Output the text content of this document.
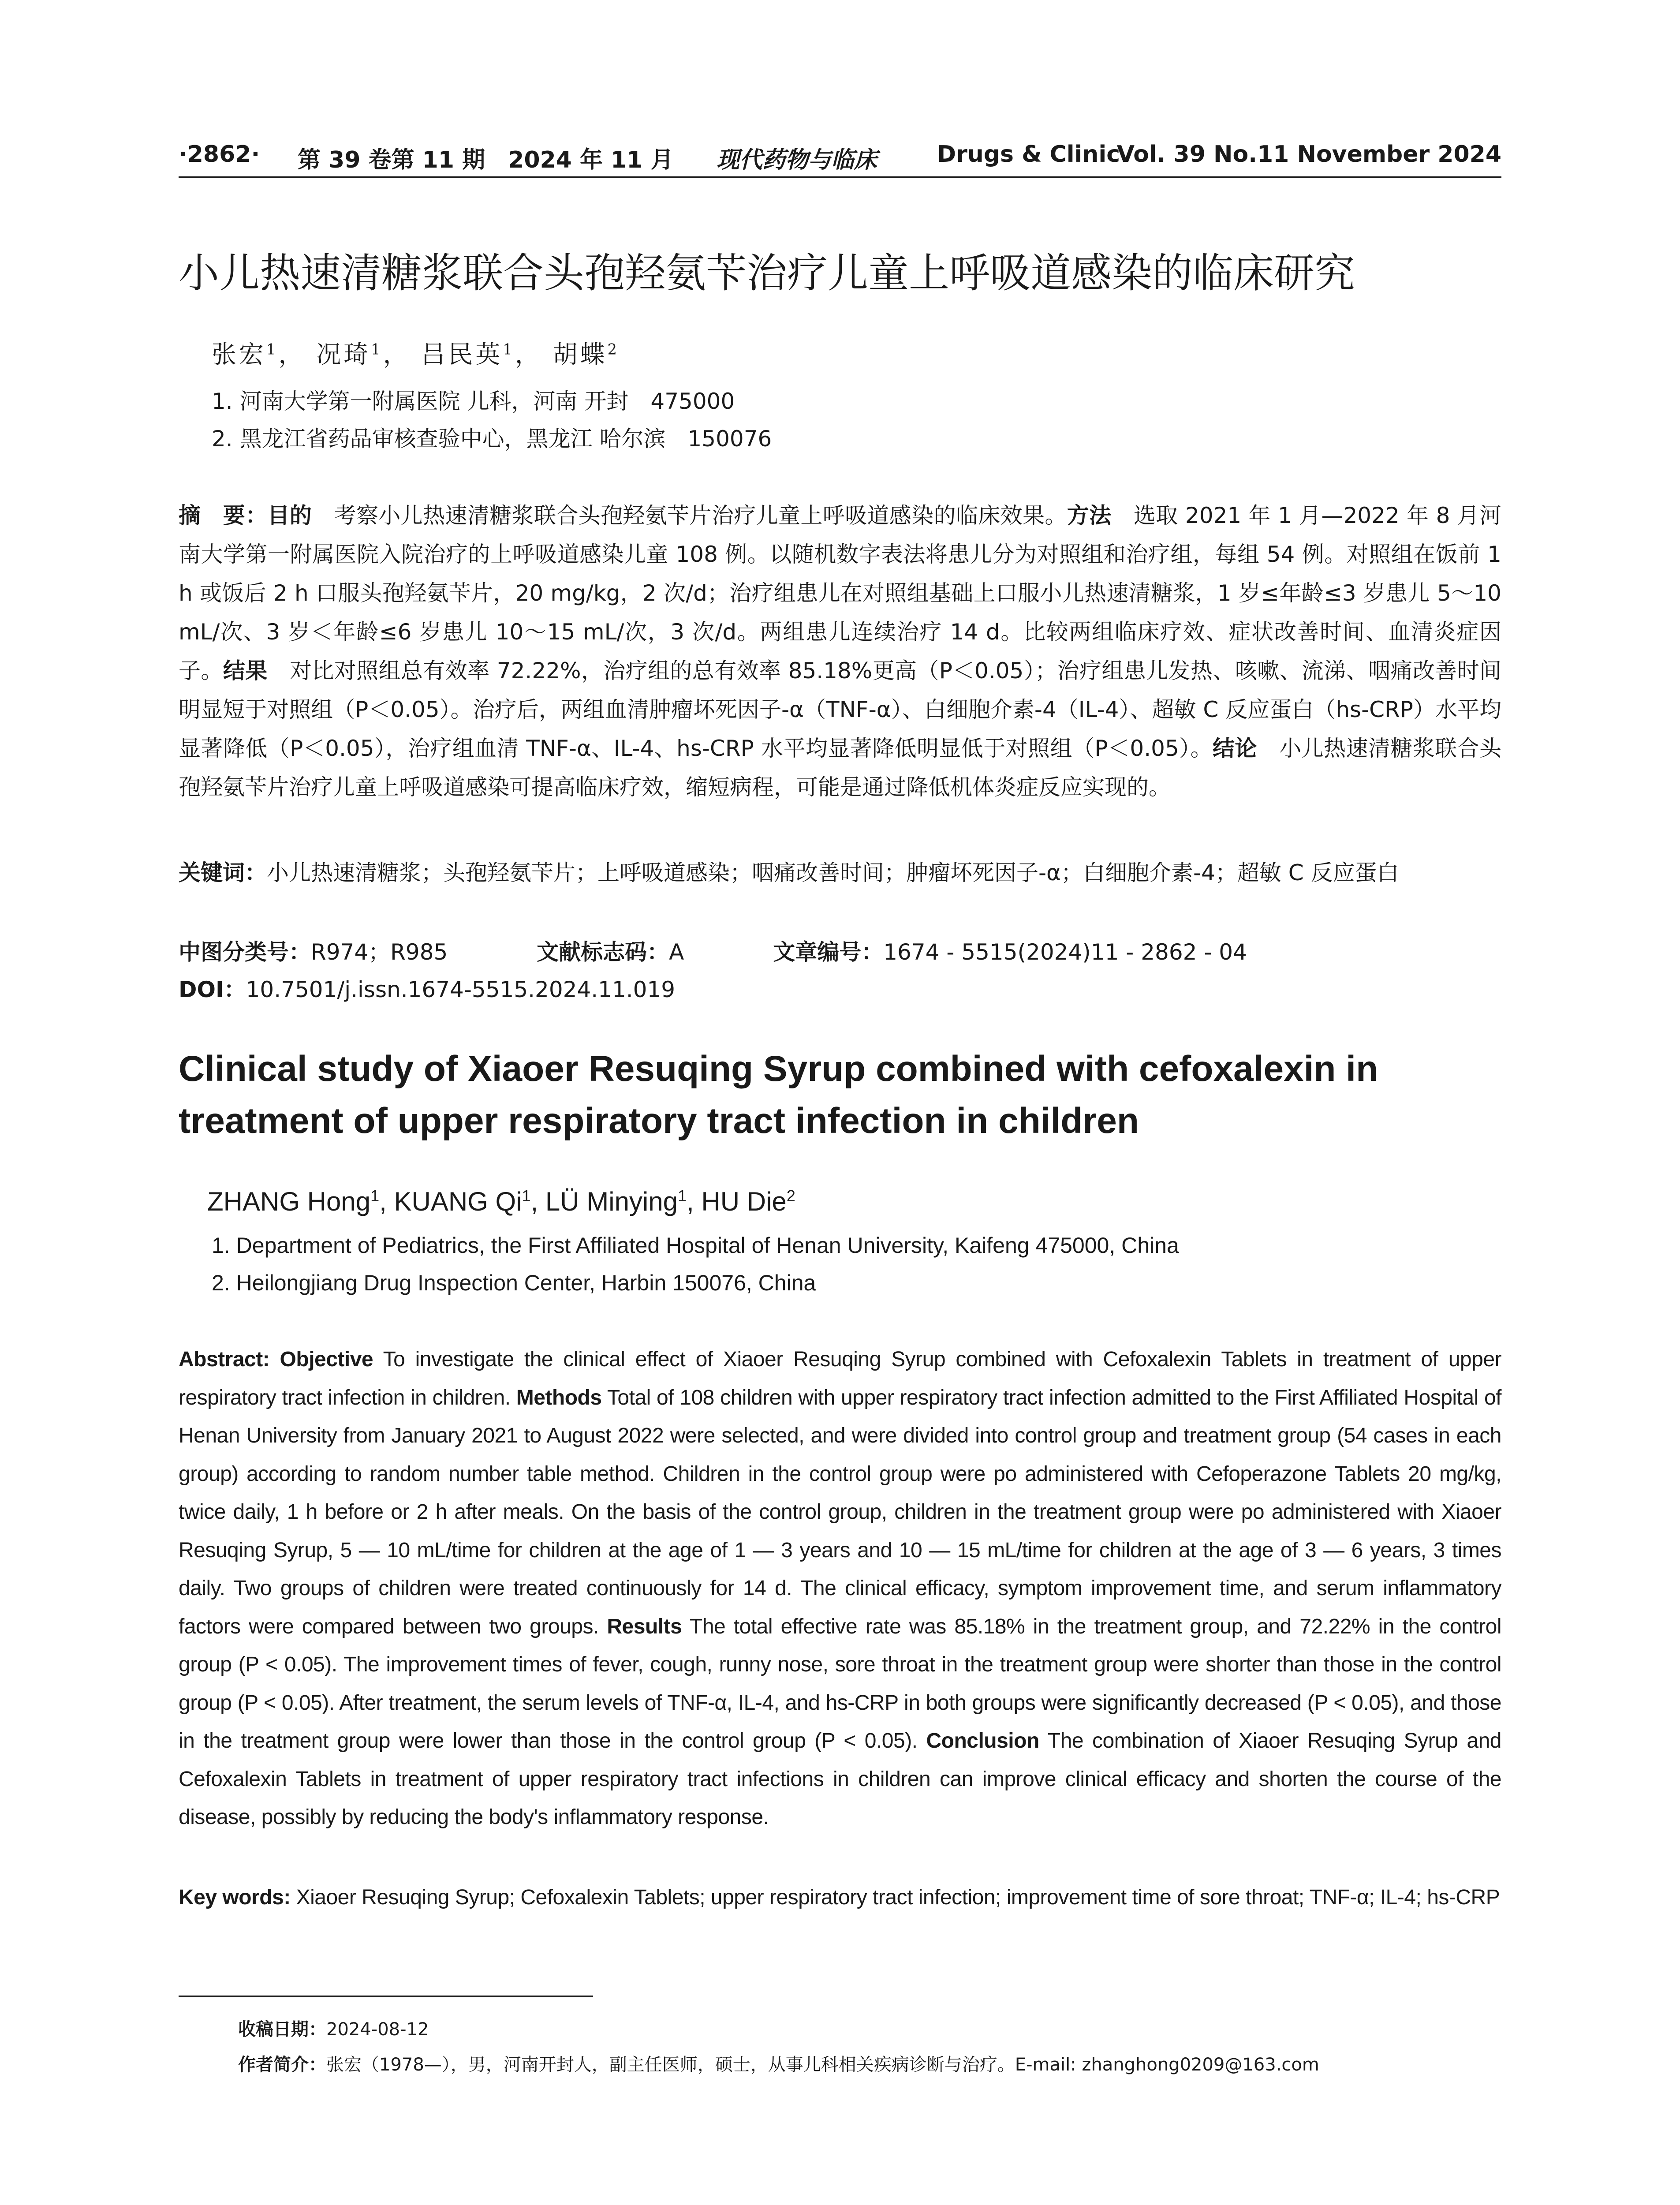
·2862· 第 39 卷第 11 期　2024 年 11 月 现代药物与临床	Drugs & Clinic
Vol. 39 No.11 November 2024
小儿热速清糖浆联合头孢羟氨苄治疗儿童上呼吸道感染的临床研究
张宏$^1$， 况琦$^1$， 吕民英$^1$， 胡蝶$^2$
1. 河南大学第一附属医院 儿科，河南 开封　475000
2. 黑龙江省药品审核查验中心，黑龙江 哈尔滨　150076
摘　要：目的　考察小儿热速清糖浆联合头孢羟氨苄片治疗儿童上呼吸道感染的临床效果。方法　选取 2021 年 1 月—2022 年 8 月河南大学第一附属医院入院治疗的上呼吸道感染儿童 108 例。以随机数字表法将患儿分为对照组和治疗组，每组 54 例。对照组在饭前 1 h 或饭后 2 h 口服头孢羟氨苄片，20 mg/kg，2 次/d；治疗组患儿在对照组基础上口服小儿热速清糖浆，1 岁≤年龄≤3 岁患儿 5～10 mL/次、3 岁＜年龄≤6 岁患儿 10～15 mL/次，3 次/d。两组患儿连续治疗 14 d。比较两组临床疗效、症状改善时间、血清炎症因子。结果　对比对照组总有效率 72.22%，治疗组的总有效率 85.18%更高（P＜0.05）；治疗组患儿发热、咳嗽、流涕、咽痛改善时间明显短于对照组（P＜0.05）。治疗后，两组血清肿瘤坏死因子-α（TNF-α）、白细胞介素-4（IL-4）、超敏 C 反应蛋白（hs-CRP）水平均显著降低（P＜0.05），治疗组血清 TNF-α、IL-4、hs-CRP 水平均显著降低明显低于对照组（P＜0.05）。结论　小儿热速清糖浆联合头孢羟氨苄片治疗儿童上呼吸道感染可提高临床疗效，缩短病程，可能是通过降低机体炎症反应实现的。
关键词：小儿热速清糖浆；头孢羟氨苄片；上呼吸道感染；咽痛改善时间；肿瘤坏死因子-α；白细胞介素-4；超敏 C 反应蛋白
中图分类号：R974；R985	文献标志码：A	文章编号：1674 - 5515(2024)11 - 2862 - 04
DOI：10.7501/j.issn.1674-5515.2024.11.019
Clinical study of Xiaoer Resuqing Syrup combined with cefoxalexin in treatment of upper respiratory tract infection in children
ZHANG Hong$^1$, KUANG Qi$^1$, LÜ Minying$^1$, HU Die$^2$
1. Department of Pediatrics, the First Affiliated Hospital of Henan University, Kaifeng 475000, China
2. Heilongjiang Drug Inspection Center, Harbin 150076, China
Abstract: Objective To investigate the clinical effect of Xiaoer Resuqing Syrup combined with Cefoxalexin Tablets in treatment of upper respiratory tract infection in children. Methods Total of 108 children with upper respiratory tract infection admitted to the First Affiliated Hospital of Henan University from January 2021 to August 2022 were selected, and were divided into control group and treatment group (54 cases in each group) according to random number table method. Children in the control group were po administered with Cefoperazone Tablets 20 mg/kg, twice daily, 1 h before or 2 h after meals. On the basis of the control group, children in the treatment group were po administered with Xiaoer Resuqing Syrup, 5 — 10 mL/time for children at the age of 1 — 3 years and 10 — 15 mL/time for children at the age of 3 — 6 years, 3 times daily. Two groups of children were treated continuously for 14 d. The clinical efficacy, symptom improvement time, and serum inflammatory factors were compared between two groups. Results The total effective rate was 85.18% in the treatment group, and 72.22% in the control group (P < 0.05). The improvement times of fever, cough, runny nose, sore throat in the treatment group were shorter than those in the control group (P < 0.05). After treatment, the serum levels of TNF-α, IL-4, and hs-CRP in both groups were significantly decreased (P < 0.05), and those in the treatment group were lower than those in the control group (P < 0.05). Conclusion The combination of Xiaoer Resuqing Syrup and Cefoxalexin Tablets in treatment of upper respiratory tract infections in children can improve clinical efficacy and shorten the course of the disease, possibly by reducing the body's inflammatory response.
Key words: Xiaoer Resuqing Syrup; Cefoxalexin Tablets; upper respiratory tract infection; improvement time of sore throat; TNF-α; IL-4; hs-CRP
收稿日期：2024-08-12
作者简介：张宏（1978—），男，河南开封人，副主任医师，硕士，从事儿科相关疾病诊断与治疗。E-mail: zhanghong0209@163.com
